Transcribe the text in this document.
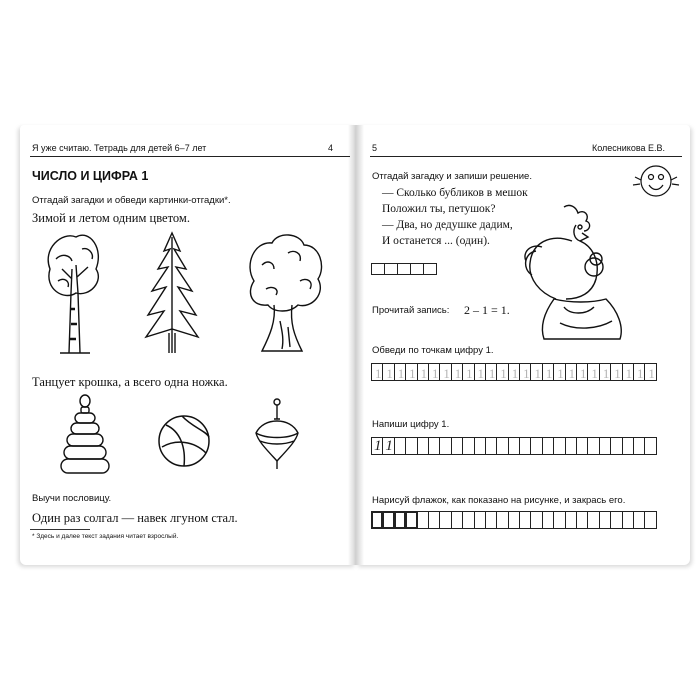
Я уже считаю. Тетрадь для детей 6–7 лет	4
ЧИСЛО И ЦИФРА 1
Отгадай загадки и обведи картинки-отгадки*.
Зимой и летом одним цветом.
Танцует крошка, а всего одна ножка.
Выучи пословицу.
Один раз солгал — навек лгуном стал.
* Здесь и далее текст задания читает взрослый.
5	Колесникова Е.В.
Отгадай загадку и запиши решение.
— Сколько бубликов в мешок
Положил ты, петушок?
— Два, но дедушке дадим,
И останется ... (один).
Прочитай запись: 2 – 1 = 1.
Обведи по точкам цифру 1.
1 1 1 1 1 1 1 1 1 1 1 1 1 1 1 1 1 1 1 1 1 1 1 1 1
Напиши цифру 1.
1 1
Нарисуй флажок, как показано на рисунке, и закрась его.
